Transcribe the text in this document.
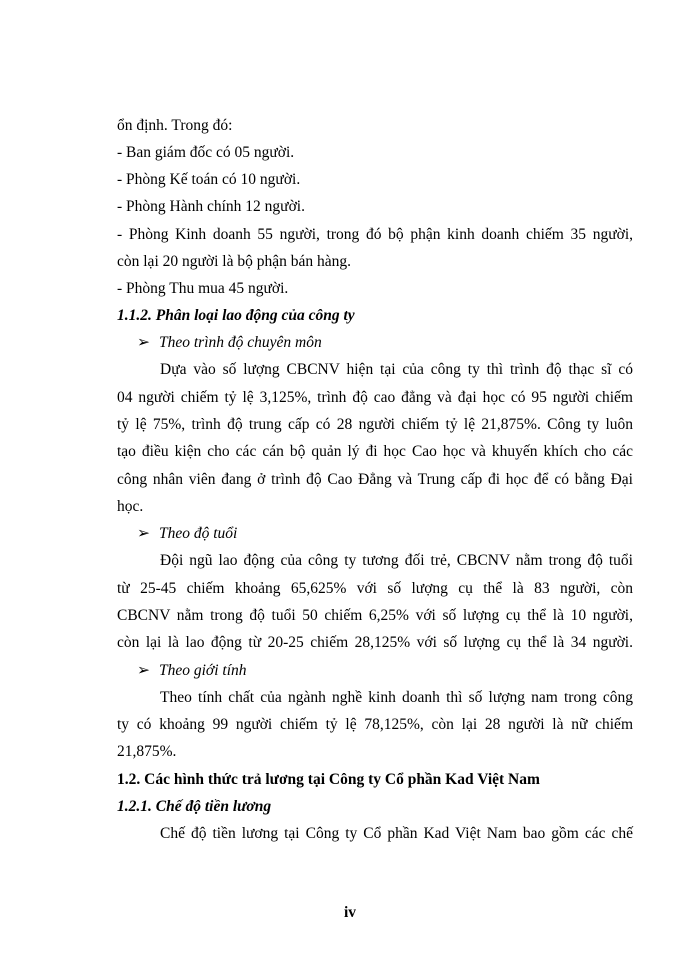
ổn định. Trong đó:
- Ban giám đốc có 05 người.
- Phòng Kế toán có 10 người.
- Phòng Hành chính 12 người.
- Phòng Kinh doanh 55 người, trong đó bộ phận kinh doanh chiếm 35 người,
còn lại 20 người là bộ phận bán hàng.
- Phòng Thu mua 45 người.
1.1.2. Phân loại lao động của công ty
➢ Theo trình độ chuyên môn
Dựa vào số lượng CBCNV hiện tại của công ty thì trình độ thạc sĩ có
04 người chiếm tỷ lệ 3,125%, trình độ cao đẳng và đại học có 95 người chiếm
tỷ lệ 75%, trình độ trung cấp có 28 người chiếm tỷ lệ 21,875%. Công ty luôn
tạo điều kiện cho các cán bộ quản lý đi học Cao học và khuyến khích cho các
công nhân viên đang ở trình độ Cao Đẳng và Trung cấp đi học để có bằng Đại
học.
➢ Theo độ tuổi
Đội ngũ lao động của công ty tương đối trẻ, CBCNV nằm trong độ tuổi
từ 25-45 chiếm khoảng 65,625% với số lượng cụ thể là 83 người, còn
CBCNV nằm trong độ tuổi 50 chiếm 6,25% với số lượng cụ thể là 10 người,
còn lại là lao động từ 20-25 chiếm 28,125% với số lượng cụ thể là 34 người.
➢ Theo giới tính
Theo tính chất của ngành nghề kinh doanh thì số lượng nam trong công
ty có khoảng 99 người chiếm tỷ lệ 78,125%, còn lại 28 người là nữ chiếm
21,875%.
1.2. Các hình thức trả lương tại Công ty Cổ phần Kad Việt Nam
1.2.1. Chế độ tiền lương
Chế độ tiền lương tại Công ty Cổ phần Kad Việt Nam bao gồm các chế
iv
